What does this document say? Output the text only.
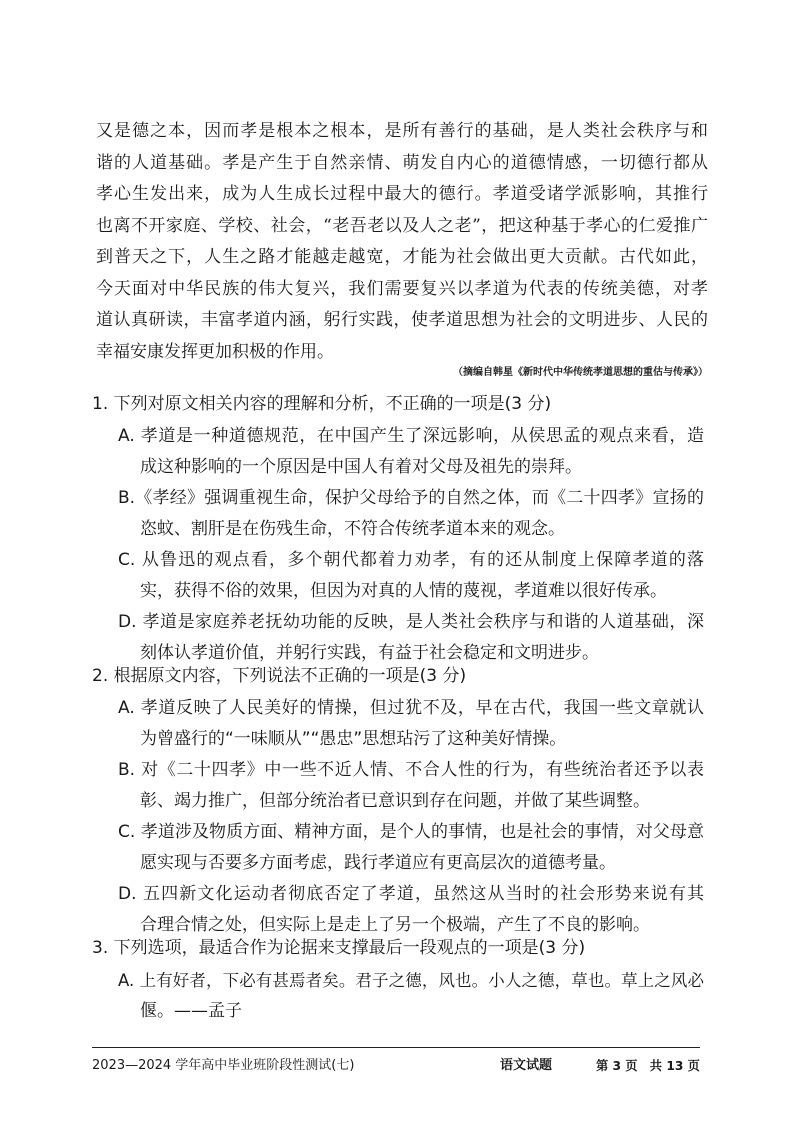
又是德之本，因而孝是根本之根本，是所有善行的基础，是人类社会秩序与和
谐的人道基础。孝是产生于自然亲情、萌发自内心的道德情感，一切德行都从
孝心生发出来，成为人生成长过程中最大的德行。孝道受诸学派影响，其推行
也离不开家庭、学校、社会，“老吾老以及人之老”，把这种基于孝心的仁爱推广
到普天之下，人生之路才能越走越宽，才能为社会做出更大贡献。古代如此，
今天面对中华民族的伟大复兴，我们需要复兴以孝道为代表的传统美德，对孝
道认真研读，丰富孝道内涵，躬行实践，使孝道思想为社会的文明进步、人民的
幸福安康发挥更加积极的作用。
（摘编自韩星《新时代中华传统孝道思想的重估与传承》）
1. 下列对原文相关内容的理解和分析，不正确的一项是(3 分)
A. 孝道是一种道德规范，在中国产生了深远影响，从侯思孟的观点来看，造
成这种影响的一个原因是中国人有着对父母及祖先的崇拜。
B.《孝经》强调重视生命，保护父母给予的自然之体，而《二十四孝》宣扬的
恣蚊、割肝是在伤残生命，不符合传统孝道本来的观念。
C. 从鲁迅的观点看，多个朝代都着力劝孝，有的还从制度上保障孝道的落
实，获得不俗的效果，但因为对真的人情的蔑视，孝道难以很好传承。
D. 孝道是家庭养老抚幼功能的反映，是人类社会秩序与和谐的人道基础，深
刻体认孝道价值，并躬行实践，有益于社会稳定和文明进步。
2. 根据原文内容，下列说法不正确的一项是(3 分)
A. 孝道反映了人民美好的情操，但过犹不及，早在古代，我国一些文章就认
为曾盛行的“一味顺从”“愚忠”思想玷污了这种美好情操。
B. 对《二十四孝》中一些不近人情、不合人性的行为，有些统治者还予以表
彰、竭力推广，但部分统治者已意识到存在问题，并做了某些调整。
C. 孝道涉及物质方面、精神方面，是个人的事情，也是社会的事情，对父母意
愿实现与否要多方面考虑，践行孝道应有更高层次的道德考量。
D. 五四新文化运动者彻底否定了孝道，虽然这从当时的社会形势来说有其
合理合情之处，但实际上是走上了另一个极端，产生了不良的影响。
3. 下列选项，最适合作为论据来支撑最后一段观点的一项是(3 分)
A. 上有好者，下必有甚焉者矣。君子之德，风也。小人之德，草也。草上之风必
偃。——孟子
2023—2024 学年高中毕业班阶段性测试(七)	语文试题	第 3 页　共 13 页
